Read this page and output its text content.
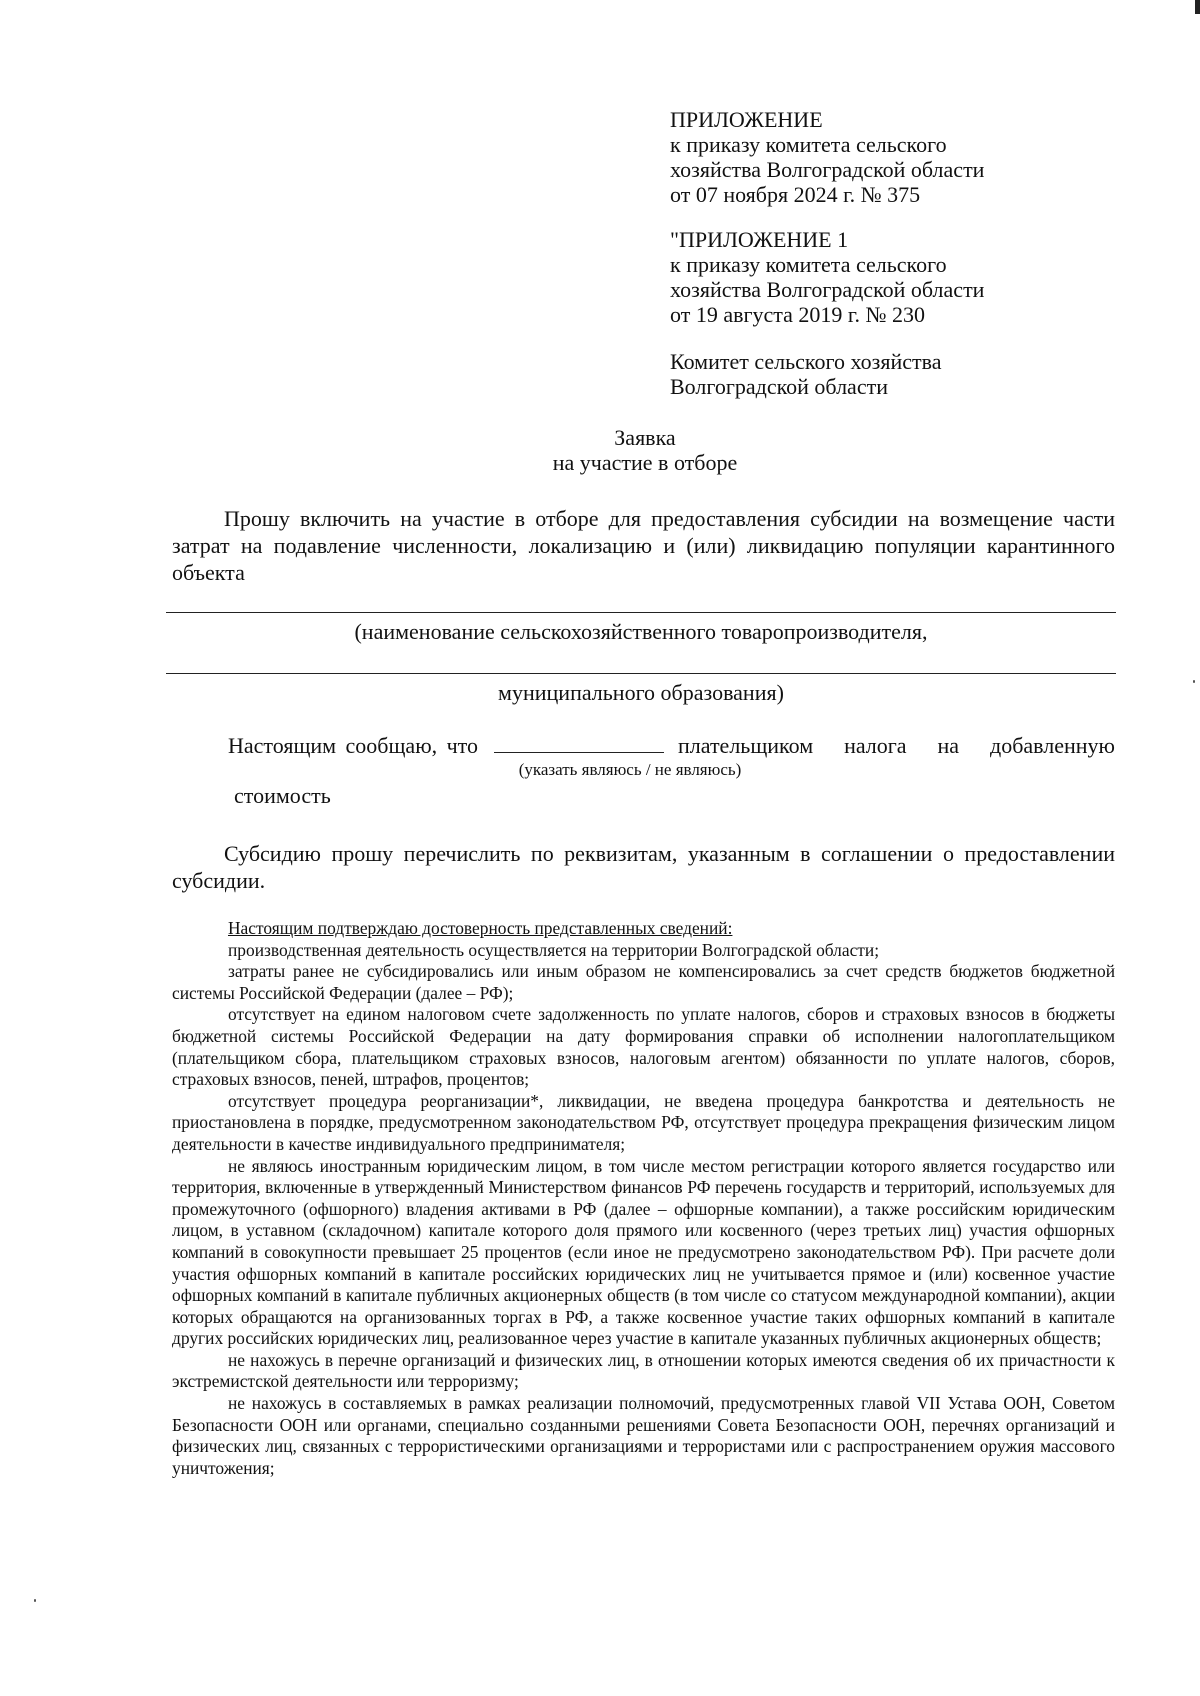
ПРИЛОЖЕНИЕ
к приказу комитета сельского
хозяйства Волгоградской области
от 07 ноября 2024 г. № 375
"ПРИЛОЖЕНИЕ 1
к приказу комитета сельского
хозяйства Волгоградской области
от 19 августа 2019 г. № 230
Комитет сельского хозяйства
Волгоградской области
Заявка
на участие в отборе
Прошу включить на участие в отборе для предоставления субсидии на возмещение части затрат на подавление численности, локализацию и (или) ликвидацию популяции карантинного объекта
(наименование сельскохозяйственного товаропроизводителя,
муниципального образования)
Настоящим сообщаю, что	плательщиком налога на добавленную
(указать являюсь / не являюсь)
стоимость
Субсидию прошу перечислить по реквизитам, указанным в соглашении о предоставлении субсидии.

Настоящим подтверждаю достоверность представленных сведений:

производственная деятельность осуществляется на территории Волгоградской области;

затраты ранее не субсидировались или иным образом не компенсировались за счет средств бюджетов бюджетной системы Российской Федерации (далее – РФ);

отсутствует на едином налоговом счете задолженность по уплате налогов, сборов и страховых взносов в бюджеты бюджетной системы Российской Федерации на дату формирования справки об исполнении налогоплательщиком (плательщиком сбора, плательщиком страховых взносов, налоговым агентом) обязанности по уплате налогов, сборов, страховых взносов, пеней, штрафов, процентов;

отсутствует процедура реорганизации*, ликвидации, не введена процедура банкротства и деятельность не приостановлена в порядке, предусмотренном законодательством РФ, отсутствует процедура прекращения физическим лицом деятельности в качестве индивидуального предпринимателя;

не являюсь иностранным юридическим лицом, в том числе местом регистрации которого является государство или территория, включенные в утвержденный Министерством финансов РФ перечень государств и территорий, используемых для промежуточного (офшорного) владения активами в РФ (далее – офшорные компании), а также российским юридическим лицом, в уставном (складочном) капитале которого доля прямого или косвенного (через третьих лиц) участия офшорных компаний в совокупности превышает 25 процентов (если иное не предусмотрено законодательством РФ). При расчете доли участия офшорных компаний в капитале российских юридических лиц не учитывается прямое и (или) косвенное участие офшорных компаний в капитале публичных акционерных обществ (в том числе со статусом международной компании), акции которых обращаются на организованных торгах в РФ, а также косвенное участие таких офшорных компаний в капитале других российских юридических лиц, реализованное через участие в капитале указанных публичных акционерных обществ;

не нахожусь в перечне организаций и физических лиц, в отношении которых имеются сведения об их причастности к экстремистской деятельности или терроризму;

не нахожусь в составляемых в рамках реализации полномочий, предусмотренных главой VII Устава ООН, Советом Безопасности ООН или органами, специально созданными решениями Совета Безопасности ООН, перечнях организаций и физических лиц, связанных с террористическими организациями и террористами или с распространением оружия массового уничтожения;
